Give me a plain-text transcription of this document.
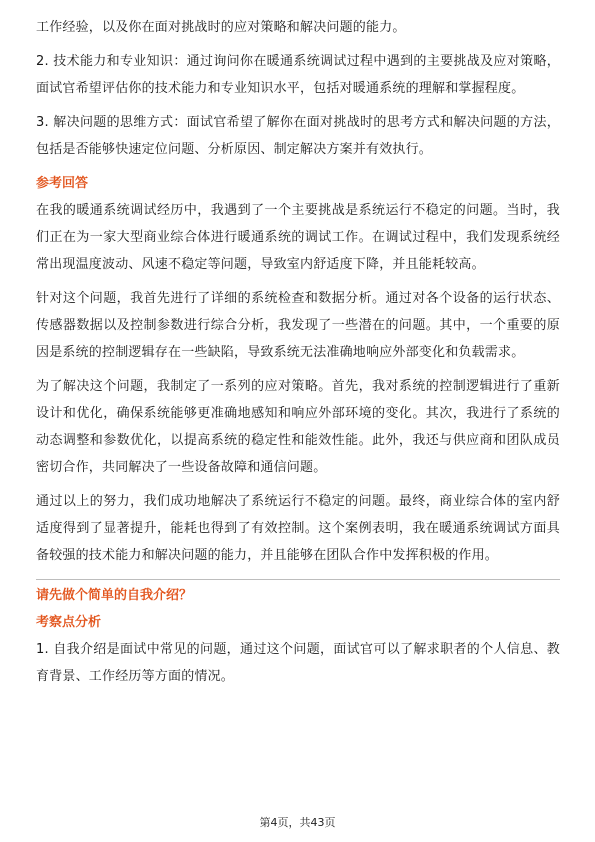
工作经验，以及你在面对挑战时的应对策略和解决问题的能力。

2. 技术能力和专业知识：通过询问你在暖通系统调试过程中遇到的主要挑战及应对策略，面试官希望评估你的技术能力和专业知识水平，包括对暖通系统的理解和掌握程度。

3. 解决问题的思维方式：面试官希望了解你在面对挑战时的思考方式和解决问题的方法，包括是否能够快速定位问题、分析原因、制定解决方案并有效执行。

参考回答

在我的暖通系统调试经历中，我遇到了一个主要挑战是系统运行不稳定的问题。当时，我们正在为一家大型商业综合体进行暖通系统的调试工作。在调试过程中，我们发现系统经常出现温度波动、风速不稳定等问题，导致室内舒适度下降，并且能耗较高。

针对这个问题，我首先进行了详细的系统检查和数据分析。通过对各个设备的运行状态、传感器数据以及控制参数进行综合分析，我发现了一些潜在的问题。其中，一个重要的原因是系统的控制逻辑存在一些缺陷，导致系统无法准确地响应外部变化和负载需求。

为了解决这个问题，我制定了一系列的应对策略。首先，我对系统的控制逻辑进行了重新设计和优化，确保系统能够更准确地感知和响应外部环境的变化。其次，我进行了系统的动态调整和参数优化，以提高系统的稳定性和能效性能。此外，我还与供应商和团队成员密切合作，共同解决了一些设备故障和通信问题。

通过以上的努力，我们成功地解决了系统运行不稳定的问题。最终，商业综合体的室内舒适度得到了显著提升，能耗也得到了有效控制。这个案例表明，我在暖通系统调试方面具备较强的技术能力和解决问题的能力，并且能够在团队合作中发挥积极的作用。

请先做个简单的自我介绍？
考察点分析

1. 自我介绍是面试中常见的问题，通过这个问题，面试官可以了解求职者的个人信息、教育背景、工作经历等方面的情况。

第4页，共43页
